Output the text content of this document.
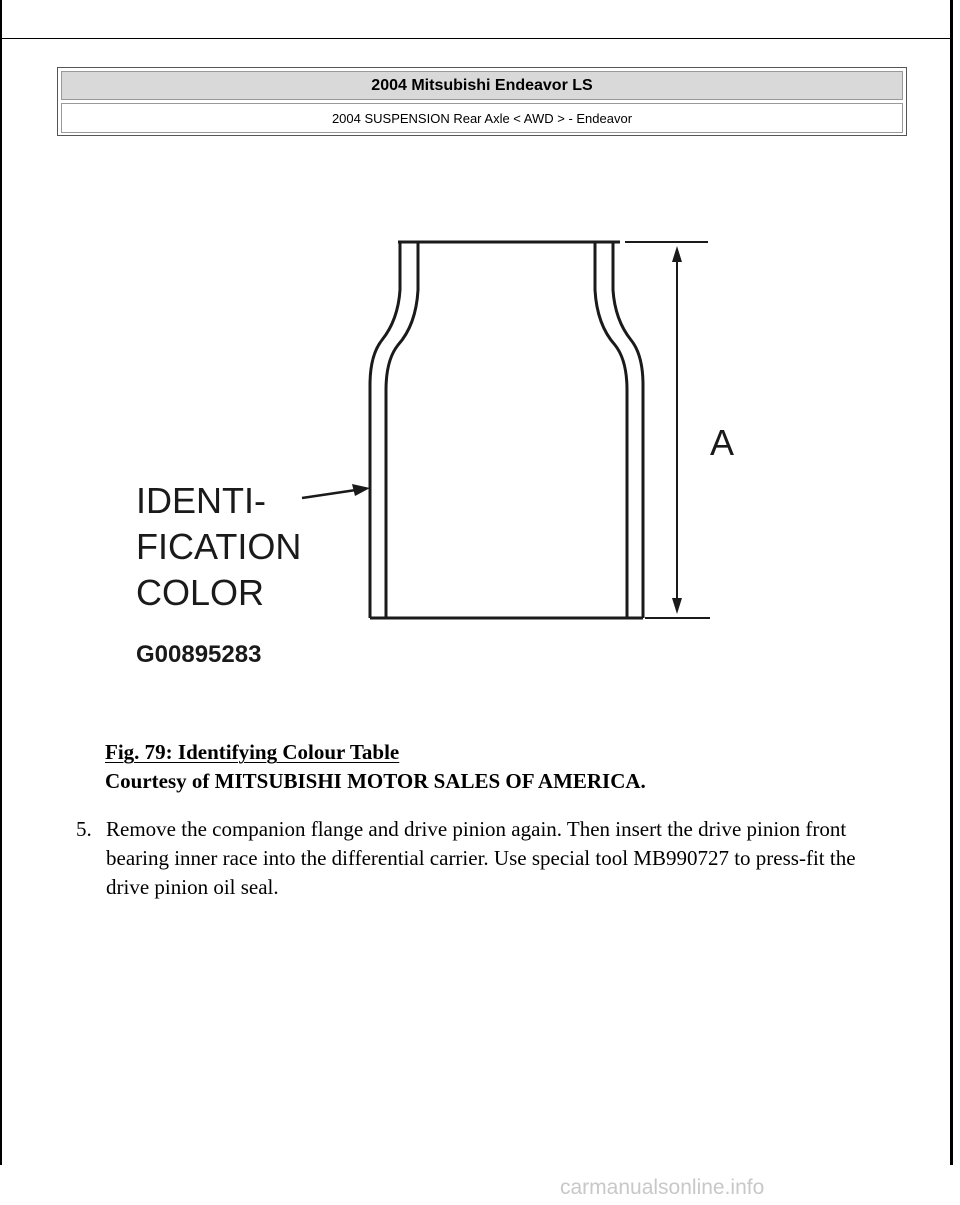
2004 Mitsubishi Endeavor LS
2004 SUSPENSION Rear Axle < AWD > - Endeavor
A
IDENTI-
FICATION
COLOR
G00895283
Fig. 79: Identifying Colour Table
Courtesy of MITSUBISHI MOTOR SALES OF AMERICA.
5. Remove the companion flange and drive pinion again. Then insert the drive pinion front bearing inner race into the differential carrier. Use special tool MB990727 to press-fit the drive pinion oil seal.
carmanualsonline.info
